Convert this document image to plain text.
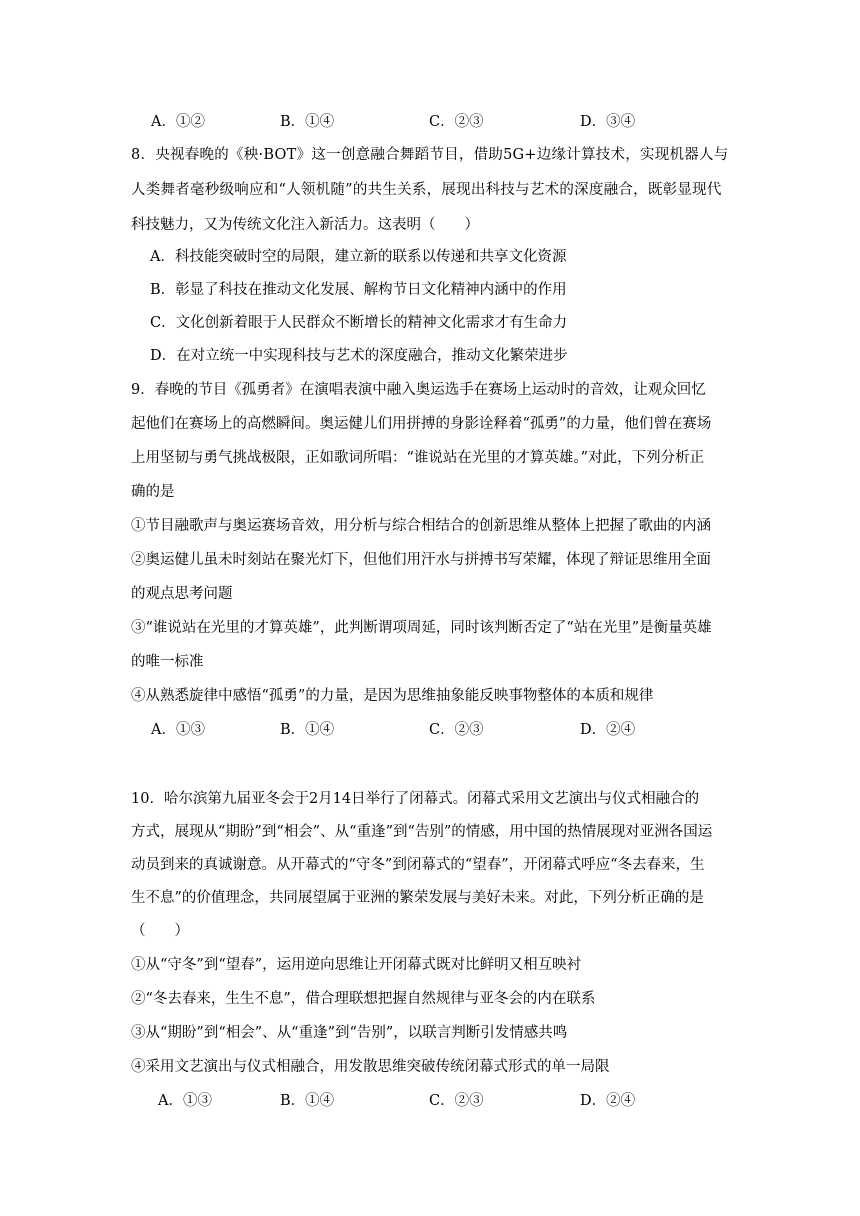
A．①②	B．①④	C．②③	D．③④
8．央视春晚的《秧·BOT》这一创意融合舞蹈节目，借助5G+边缘计算技术，实现机器人与
人类舞者毫秒级响应和“人领机随”的共生关系，展现出科技与艺术的深度融合，既彰显现代
科技魅力，又为传统文化注入新活力。这表明（　　）
A．科技能突破时空的局限，建立新的联系以传递和共享文化资源
B．彰显了科技在推动文化发展、解构节日文化精神内涵中的作用
C．文化创新着眼于人民群众不断增长的精神文化需求才有生命力
D．在对立统一中实现科技与艺术的深度融合，推动文化繁荣进步
9．春晚的节目《孤勇者》在演唱表演中融入奥运选手在赛场上运动时的音效，让观众回忆
起他们在赛场上的高燃瞬间。奥运健儿们用拼搏的身影诠释着“孤勇”的力量，他们曾在赛场
上用坚韧与勇气挑战极限，正如歌词所唱：“谁说站在光里的才算英雄。”对此，下列分析正
确的是
①节目融歌声与奥运赛场音效，用分析与综合相结合的创新思维从整体上把握了歌曲的内涵
②奥运健儿虽未时刻站在聚光灯下，但他们用汗水与拼搏书写荣耀，体现了辩证思维用全面
的观点思考问题
③“谁说站在光里的才算英雄”，此判断谓项周延，同时该判断否定了“站在光里”是衡量英雄
的唯一标准
④从熟悉旋律中感悟“孤勇”的力量，是因为思维抽象能反映事物整体的本质和规律
A．①③	B．①④	C．②③	D．②④
10．哈尔滨第九届亚冬会于2月14日举行了闭幕式。闭幕式采用文艺演出与仪式相融合的
方式，展现从“期盼”到“相会”、从“重逢”到“告别”的情感，用中国的热情展现对亚洲各国运
动员到来的真诚谢意。从开幕式的“守冬”到闭幕式的“望春”，开闭幕式呼应“冬去春来，生
生不息”的价值理念，共同展望属于亚洲的繁荣发展与美好未来。对此，下列分析正确的是
（　　）
①从“守冬”到“望春”，运用逆向思维让开闭幕式既对比鲜明又相互映衬
②“冬去春来，生生不息”，借合理联想把握自然规律与亚冬会的内在联系
③从“期盼”到“相会”、从“重逢”到“告别”，以联言判断引发情感共鸣
④采用文艺演出与仪式相融合，用发散思维突破传统闭幕式形式的单一局限
A．①③	B．①④	C．②③	D．②④
